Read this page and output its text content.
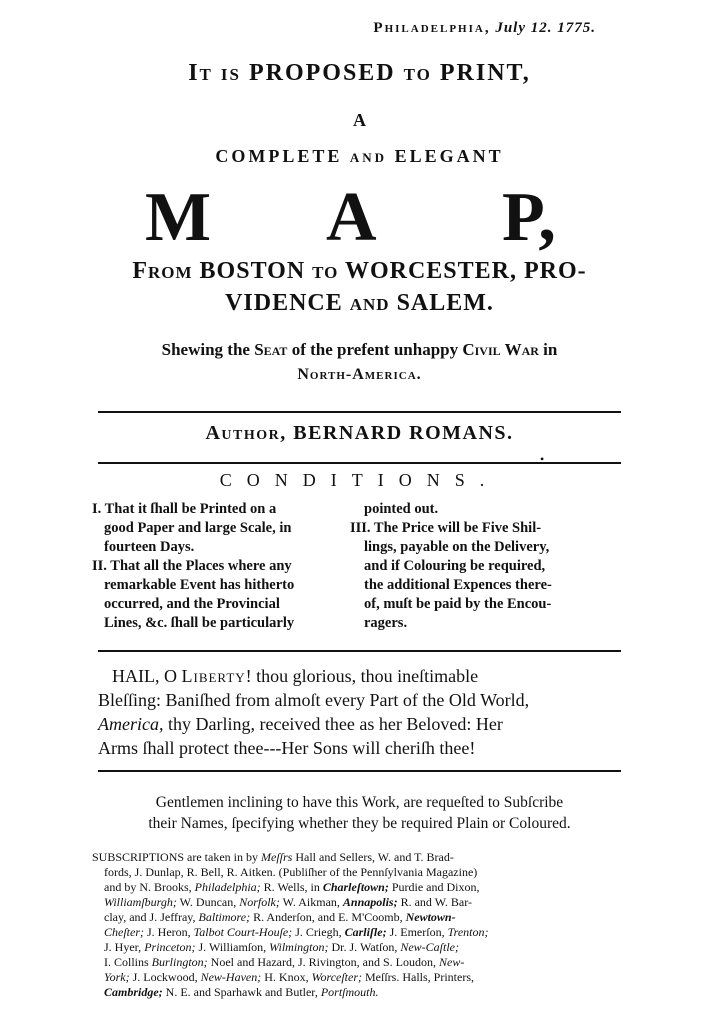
Philadelphia, July 12. 1775.
It is PROPOSED to PRINT,
A
COMPLETE and ELEGANT
M A P,
From BOSTON to WORCESTER, PRO-
VIDENCE and SALEM.
Shewing the Seat of the prefent unhappy Civil War in
North-America.
Author, BERNARD ROMANS.
•
CONDITIONS.
I. That it ſhall be Printed on a
good Paper and large Scale, in
fourteen Days.
II. That all the Places where any
remarkable Event has hitherto
occurred, and the Provincial
Lines, &c. ſhall be particularly
pointed out.
III. The Price will be Five Shil-
lings, payable on the Delivery,
and if Colouring be required,
the additional Expences there-
of, muſt be paid by the Encou-
ragers.
HAIL, O Liberty! thou glorious, thou ineſtimable
Bleſſing: Baniſhed from almoſt every Part of the Old World,
America, thy Darling, received thee as her Beloved: Her
Arms ſhall protect thee---Her Sons will cheriſh thee!
Gentlemen inclining to have this Work, are requeſted to Subſcribe
their Names, ſpecifying whether they be required Plain or Coloured.
SUBSCRIPTIONS are taken in by Meſſrs Hall and Sellers, W. and T. Brad-
fords, J. Dunlap, R. Bell, R. Aitken. (Publiſher of the Pennſylvania Magazine)
and by N. Brooks, Philadelphia; R. Wells, in Charleſtown; Purdie and Dixon,
Williamſburgh; W. Duncan, Norfolk; W. Aikman, Annapolis; R. and W. Bar-
clay, and J. Jeffray, Baltimore; R. Anderſon, and E. M'Coomb, Newtown-
Cheſter; J. Heron, Talbot Court-Houſe; J. Criegh, Carliſle; J. Emerſon, Trenton;
J. Hyer, Princeton; J. Williamſon, Wilmington; Dr. J. Watſon, New-Caſtle;
I. Collins Burlington; Noel and Hazard, J. Rivington, and S. Loudon, New-
York; J. Lockwood, New-Haven; H. Knox, Worceſter; Meſſrs. Halls, Printers,
Cambridge; N. E. and Sparhawk and Butler, Portſmouth.
